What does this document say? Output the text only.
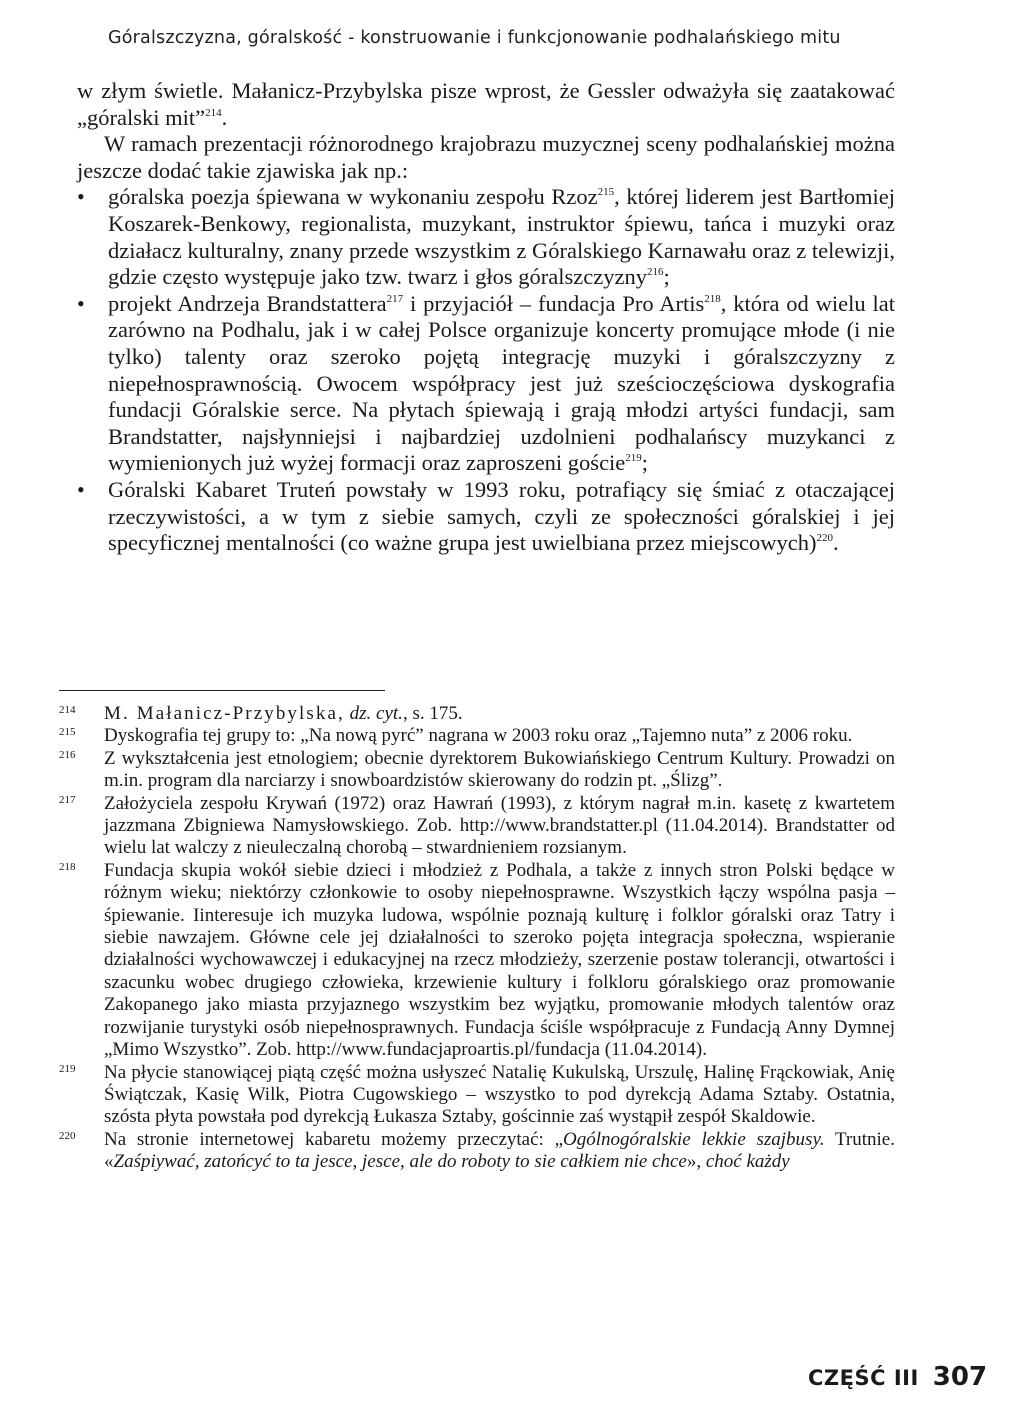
Góralszczyzna, góralskość - konstruowanie i funkcjonowanie podhalańskiego mitu

w złym świetle. Małanicz-Przybylska pisze wprost, że Gessler odważyła się zaatakować „góralski mit”$^{214}$.

W ramach prezentacji różnorodnego krajobrazu muzycznej sceny podhalańskiej można jeszcze dodać takie zjawiska jak np.:

• góralska poezja śpiewana w wykonaniu zespołu Rzoz$^{215}$, której liderem jest Bartłomiej Koszarek-Benkowy, regionalista, muzykant, instruktor śpiewu, tańca i muzyki oraz działacz kulturalny, znany przede wszystkim z Góralskiego Karnawału oraz z telewizji, gdzie często występuje jako tzw. twarz i głos góralszczyzny$^{216}$;
• projekt Andrzeja Brandstattera$^{217}$ i przyjaciół – fundacja Pro Artis$^{218}$, która od wielu lat zarówno na Podhalu, jak i w całej Polsce organizuje koncerty promujące młode (i nie tylko) talenty oraz szeroko pojętą integrację muzyki i góralszczyzny z niepełnosprawnością. Owocem współpracy jest już sześcioczęściowa dyskografia fundacji Góralskie serce. Na płytach śpiewają i grają młodzi artyści fundacji, sam Brandstatter, najsłynniejsi i najbardziej uzdolnieni podhalańscy muzykanci z wymienionych już wyżej formacji oraz zaproszeni goście$^{219}$;
• Góralski Kabaret Truteń powstały w 1993 roku, potrafiący się śmiać z otaczającej rzeczywistości, a w tym z siebie samych, czyli ze społeczności góralskiej i jej specyficznej mentalności (co ważne grupa jest uwielbiana przez miejscowych)$^{220}$.
214	M. Małanicz-Przybylska, dz. cyt., s. 175.
215	Dyskografia tej grupy to: „Na nową pyrć” nagrana w 2003 roku oraz „Tajemno nuta” z 2006 roku.
216	Z wykształcenia jest etnologiem; obecnie dyrektorem Bukowiańskiego Centrum Kultury. Prowadzi on m.in. program dla narciarzy i snowboardzistów skierowany do rodzin pt. „Ślizg”.
217	Założyciela zespołu Krywań (1972) oraz Hawrań (1993), z którym nagrał m.in. kasetę z kwartetem jazzmana Zbigniewa Namysłowskiego. Zob. http://www.brandstatter.pl (11.04.2014). Brandstatter od wielu lat walczy z nieuleczalną chorobą – stwardnieniem rozsianym.
218	Fundacja skupia wokół siebie dzieci i młodzież z Podhala, a także z innych stron Polski będące w różnym wieku; niektórzy członkowie to osoby niepełnosprawne. Wszystkich łączy wspólna pasja – śpiewanie. Iinteresuje ich muzyka ludowa, wspólnie poznają kulturę i folklor góralski oraz Tatry i siebie nawzajem. Główne cele jej działalności to szeroko pojęta integracja społeczna, wspieranie działalności wychowawczej i edukacyjnej na rzecz młodzieży, szerzenie postaw tolerancji, otwartości i szacunku wobec drugiego człowieka, krzewienie kultury i folkloru góralskiego oraz promowanie Zakopanego jako miasta przyjaznego wszystkim bez wyjątku, promowanie młodych talentów oraz rozwijanie turystyki osób niepełnosprawnych. Fundacja ściśle współpracuje z Fundacją Anny Dymnej „Mimo Wszystko”. Zob. http://www.fundacjaproartis.pl/fundacja (11.04.2014).
219	Na płycie stanowiącej piątą część można usłyszeć Natalię Kukulską, Urszulę, Halinę Frąckowiak, Anię Świątczak, Kasię Wilk, Piotra Cugowskiego – wszystko to pod dyrekcją Adama Sztaby. Ostatnia, szósta płyta powstała pod dyrekcją Łukasza Sztaby, gościnnie zaś wystąpił zespół Skaldowie.
220	Na stronie internetowej kabaretu możemy przeczytać: „Ogólnogóralskie lekkie szajbusy. Trutnie. «Zaśpiywać, zatońcyć to ta jesce, jesce, ale do roboty to sie całkiem nie chce», choć każdy
CZĘŚĆ III 307
